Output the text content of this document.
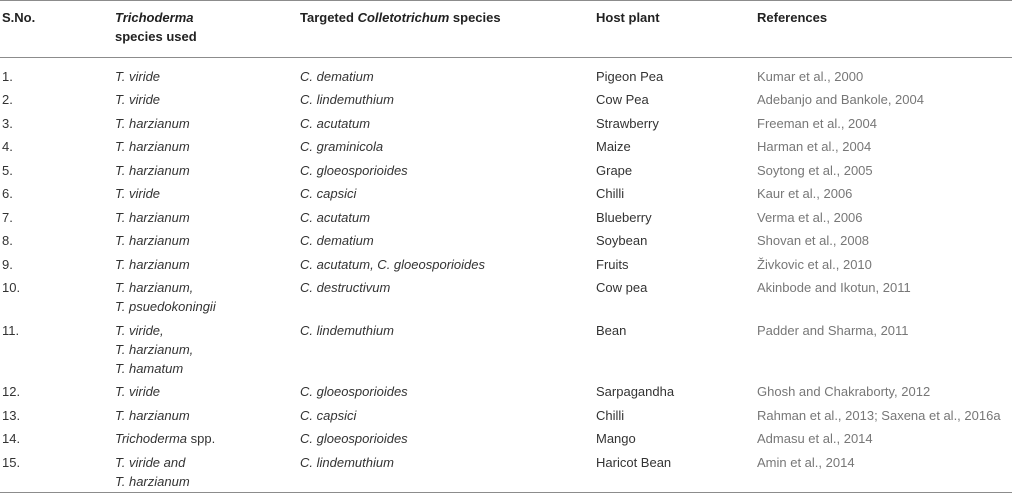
S.No.	Trichoderma
species used
Targeted Colletotrichum species	Host plant	References
1.	T. viride	C. dematium	Pigeon Pea	Kumar et al., 2000
2.	T. viride	C. lindemuthium	Cow Pea	Adebanjo and Bankole, 2004
3.	T. harzianum	C. acutatum	Strawberry	Freeman et al., 2004
4.	T. harzianum	C. graminicola	Maize	Harman et al., 2004
5.	T. harzianum	C. gloeosporioides	Grape	Soytong et al., 2005
6.	T. viride	C. capsici	Chilli	Kaur et al., 2006
7.	T. harzianum	C. acutatum	Blueberry	Verma et al., 2006
8.	T. harzianum	C. dematium	Soybean	Shovan et al., 2008
9.	T. harzianum	C. acutatum, C. gloeosporioides	Fruits	Živkovic et al., 2010
10.	T. harzianum,
T. psuedokoningii
C. destructivum	Cow pea	Akinbode and Ikotun, 2011
11.	T. viride,
T. harzianum,
T. hamatum
C. lindemuthium	Bean	Padder and Sharma, 2011
12.	T. viride	C. gloeosporioides	Sarpagandha	Ghosh and Chakraborty, 2012
13.	T. harzianum	C. capsici	Chilli	Rahman et al., 2013; Saxena et al., 2016a
14.	Trichoderma spp.	C. gloeosporioides	Mango	Admasu et al., 2014
15.	T. viride and
T. harzianum
C. lindemuthium	Haricot Bean	Amin et al., 2014
